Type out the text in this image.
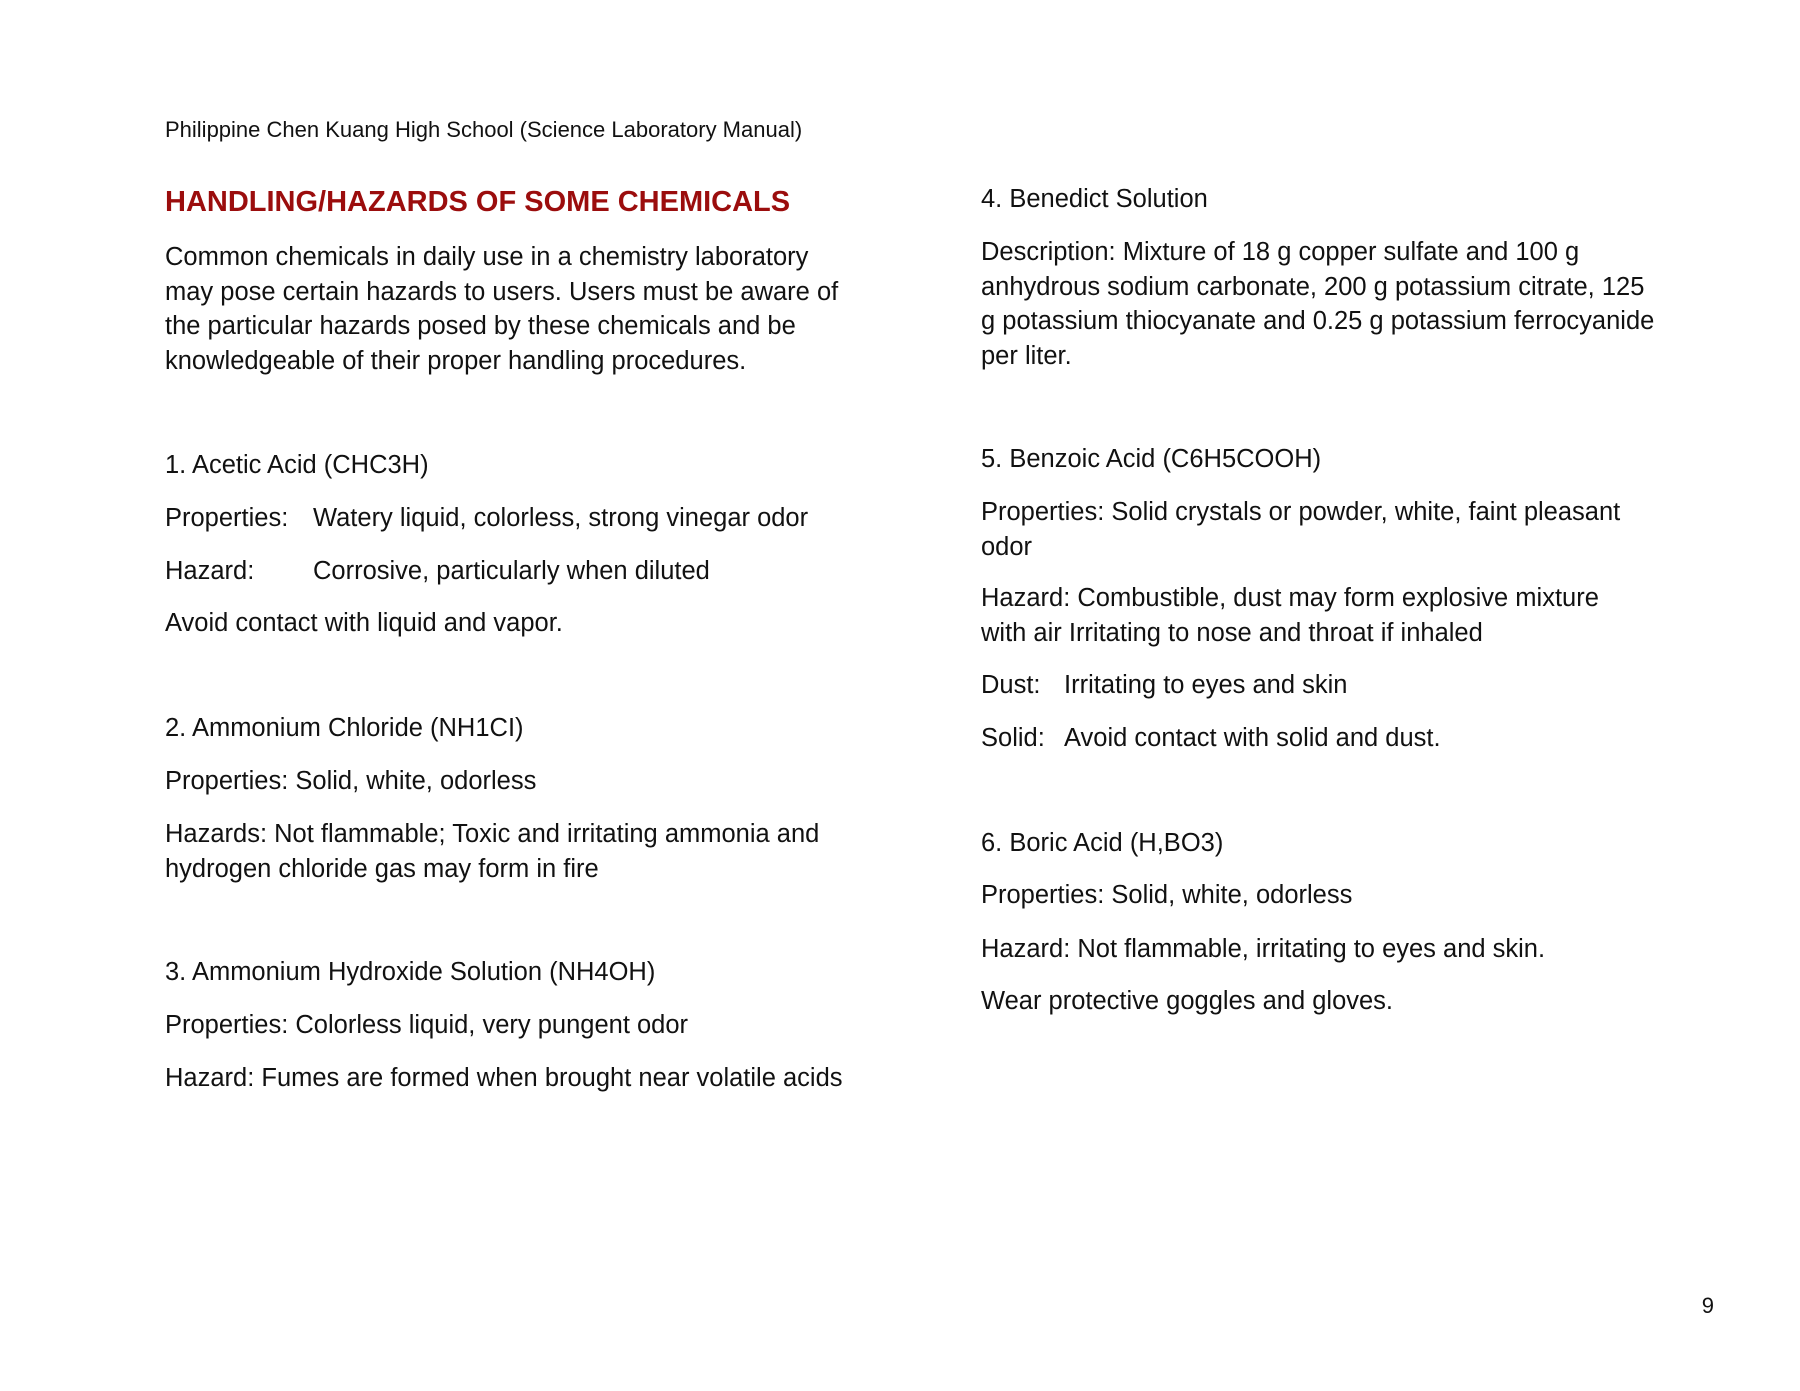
Philippine Chen Kuang High School (Science Laboratory Manual)
HANDLING/HAZARDS OF SOME CHEMICALS
Common chemicals in daily use in a chemistry laboratory
may pose certain hazards to users. Users must be aware of
the particular hazards posed by these chemicals and be
knowledgeable of their proper handling procedures.
1. Acetic Acid (CHC3H)
Properties: Watery liquid, colorless, strong vinegar odor
Hazard: Corrosive, particularly when diluted
Avoid contact with liquid and vapor.
2. Ammonium Chloride (NH1CI)
Properties: Solid, white, odorless
Hazards: Not flammable; Toxic and irritating ammonia and
hydrogen chloride gas may form in fire
3. Ammonium Hydroxide Solution (NH4OH)
Properties: Colorless liquid, very pungent odor
Hazard: Fumes are formed when brought near volatile acids
4. Benedict Solution
Description: Mixture of 18 g copper sulfate and 100 g
anhydrous sodium carbonate, 200 g potassium citrate, 125
g potassium thiocyanate and 0.25 g potassium ferrocyanide
per liter.
5. Benzoic Acid (C6H5COOH)
Properties: Solid crystals or powder, white, faint pleasant
odor
Hazard: Combustible, dust may form explosive mixture
with air Irritating to nose and throat if inhaled
Dust: Irritating to eyes and skin
Solid: Avoid contact with solid and dust.
6. Boric Acid (H,BO3)
Properties: Solid, white, odorless
Hazard: Not flammable, irritating to eyes and skin.
Wear protective goggles and gloves.
9
